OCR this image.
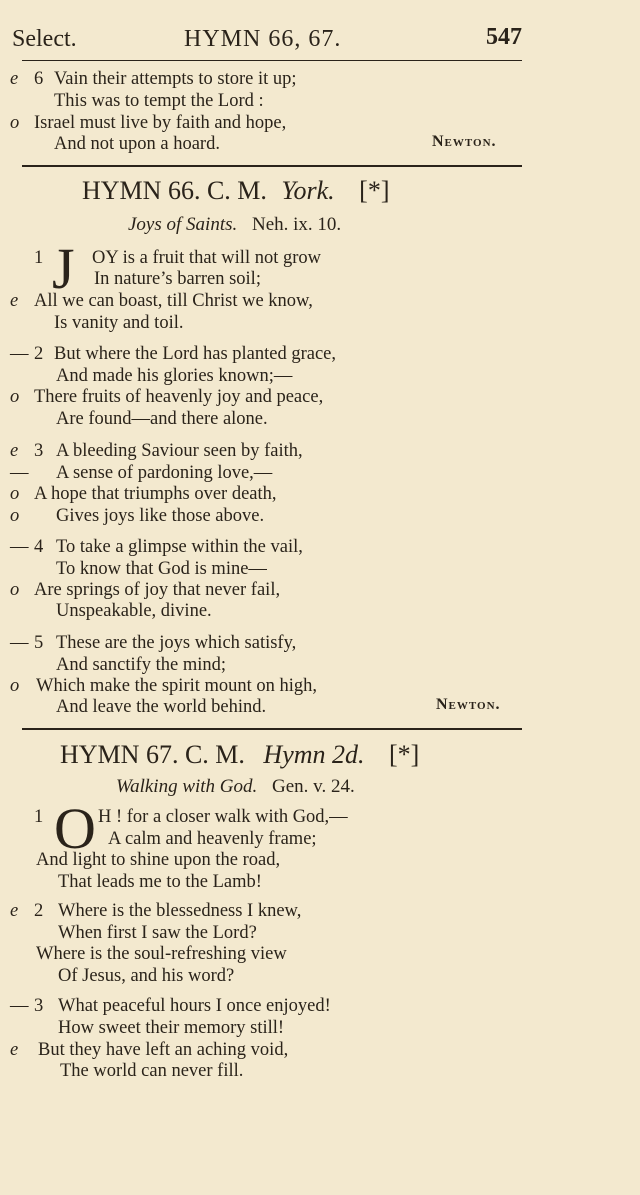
Select.	HYMN 66, 67.	547
e 6 Vain their attempts to store it up;
This was to tempt the Lord :
o Israel must live by faith and hope,
And not upon a hoard.	Newton.
HYMN 66. C. M. York. [*]
Joys of Saints. Neh. ix. 10.
1 J OY is a fruit that will not grow
In nature’s barren soil;
e All we can boast, till Christ we know,
Is vanity and toil.
— 2 But where the Lord has planted grace,
And made his glories known;—
o There fruits of heavenly joy and peace,
Are found—and there alone.
e 3 A bleeding Saviour seen by faith,
— A sense of pardoning love,—
o A hope that triumphs over death,
o Gives joys like those above.
— 4 To take a glimpse within the vail,
To know that God is mine—
o Are springs of joy that never fail,
Unspeakable, divine.
— 5 These are the joys which satisfy,
And sanctify the mind;
o Which make the spirit mount on high,
And leave the world behind.	Newton.
HYMN 67. C. M. Hymn 2d. [*]
Walking with God. Gen. v. 24.
1 O H ! for a closer walk with God,—
A calm and heavenly frame;
And light to shine upon the road,
That leads me to the Lamb!
e 2 Where is the blessedness I knew,
When first I saw the Lord?
Where is the soul-refreshing view
Of Jesus, and his word?
— 3 What peaceful hours I once enjoyed!
How sweet their memory still!
e But they have left an aching void,
The world can never fill.
